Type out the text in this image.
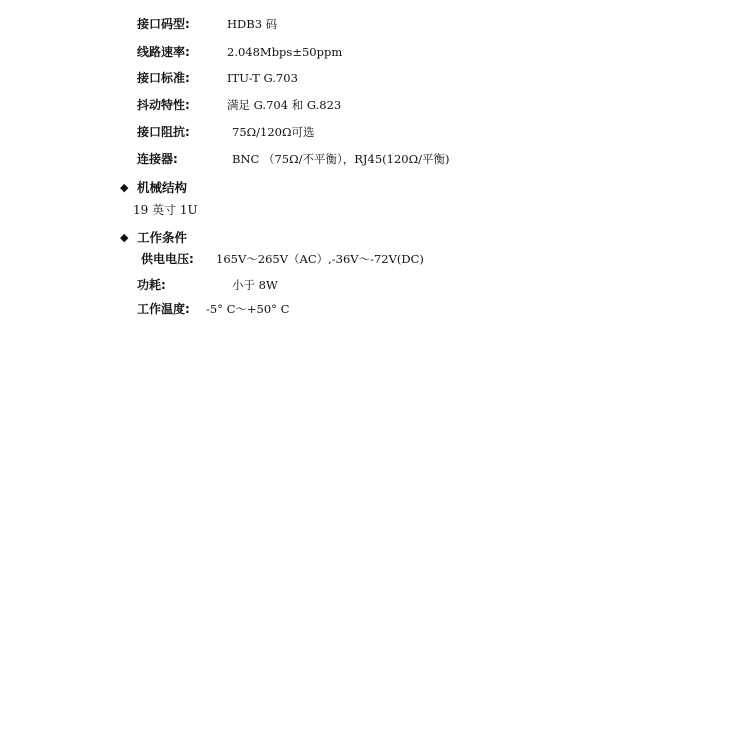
接口码型:	HDB3 码
线路速率:	2.048Mbps±50ppm
接口标准:	ITU-T G.703
抖动特性:	满足 G.704 和 G.823
接口阻抗:	75Ω/120Ω可选
连接器:	BNC （75Ω/不平衡），RJ45(120Ω/平衡)
◆ 机械结构
19 英寸 1U
◆ 工作条件
供电电压: 165V～265V（AC）,-36V～-72V(DC)
功耗:	小于 8W
工作温度: -5° C～+50° C
